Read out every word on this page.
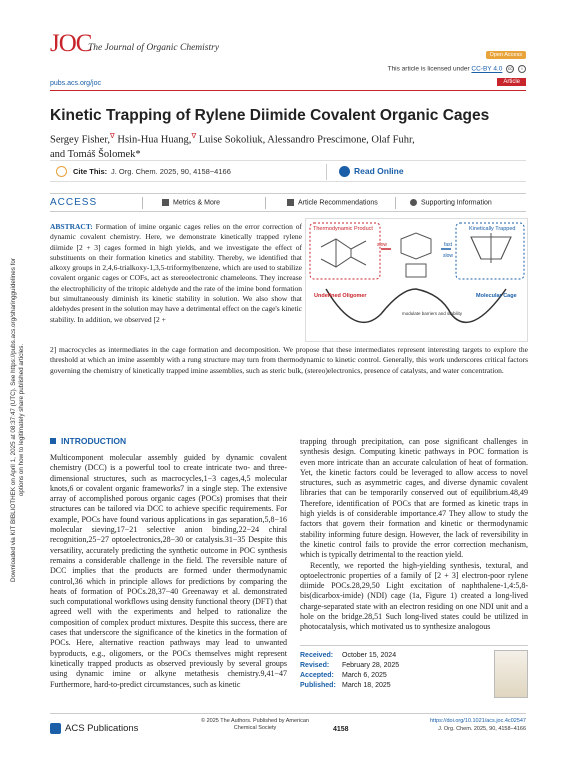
Downloaded via KIT BIBLIOTHEK on April 1, 2025 at 08:37:47 (UTC). See https://pubs.acs.org/sharingguidelines for options on how to legitimately share published articles.
JOC
The Journal of Organic Chemistry
Open Access
This article is licensed under CC-BY 4.0 cc i
pubs.acs.org/joc	Article
Kinetic Trapping of Rylene Diimide Covalent Organic Cages
Sergey Fisher,∇ Hsin-Hua Huang,∇ Luise Sokoliuk, Alessandro Prescimone, Olaf Fuhr,
and Tomáš Šolomek*
Cite This: J. Org. Chem. 2025, 90, 4158−4166	Read Online
ACCESS	Metrics & More	Article Recommendations	Supporting Information
ABSTRACT: Formation of imine organic cages relies on the error correction of dynamic covalent chemistry. Here, we demonstrate kinetically trapped rylene diimide [2 + 3] cages formed in high yields, and we investigate the effect of substituents on their formation kinetics and stability. Thereby, we identified that alkoxy groups in 2,4,6-trialkoxy-1,3,5-triformylbenzene, which are used to stabilize covalent organic cages or COFs, act as stereoelectronic chameleons. They increase the electrophilicity of the tritopic aldehyde and the rate of the imine bond formation but simultaneously diminish its kinetic stability in solution. We also show that aldehydes present in the solution may have a detrimental effect on the cage's kinetic stability. In addition, we observed [2 +
Thermodynamic Product	Kinetically Trapped
slow	fast
slow
Undefined Oligomer	Molecular Cage
modulate barriers and stability
2] macrocycles as intermediates in the cage formation and decomposition. We propose that these intermediates represent interesting targets to explore the threshold at which an imine assembly with a rung structure may turn from thermodynamic to kinetic control. Generally, this work underscores critical factors governing the chemistry of kinetically trapped imine assemblies, such as steric bulk, (stereo)electronics, presence of catalysts, and water concentration.
INTRODUCTION
Multicomponent molecular assembly guided by dynamic covalent chemistry (DCC) is a powerful tool to create intricate two- and three-dimensional structures, such as macrocycles,1−3 cages,4,5 molecular knots,6 or covalent organic frameworks7 in a single step. The extensive array of accomplished porous organic cages (POCs) promises that their structures can be tailored via DCC to achieve specific requirements. For example, POCs have found various applications in gas separation,5,8−16 molecular sieving,17−21 selective anion binding,22−24 chiral recognition,25−27 optoelectronics,28−30 or catalysis.31−35 Despite this versatility, accurately predicting the synthetic outcome in POC synthesis remains a considerable challenge in the field. The reversible nature of DCC implies that the products are formed under thermodynamic control,36 which in principle allows for predictions by comparing the heats of formation of POCs.28,37−40 Greenaway et al. demonstrated such computational workflows using density functional theory (DFT) that agreed well with the experiments and helped to rationalize the composition of complex product mixtures. Despite this success, there are cases that underscore the significance of the kinetics in the formation of POCs. Here, alternative reaction pathways may lead to unwanted byproducts, e.g., oligomers, or the POCs themselves might represent kinetically trapped products as observed previously by several groups using dynamic imine or alkyne metathesis chemistry.9,41−47 Furthermore, hard-to-predict circumstances, such as kinetic

trapping through precipitation, can pose significant challenges in synthesis design. Computing kinetic pathways in POC formation is even more intricate than an accurate calculation of heat of formation. Yet, the kinetic factors could be leveraged to allow access to novel structures, such as asymmetric cages, and diverse dynamic covalent libraries that can be temporarily conserved out of equilibrium.48,49 Therefore, identification of POCs that are formed as kinetic traps in high yields is of considerable importance.47 They allow to study the factors that govern their formation and kinetic or thermodynamic stability informing future design. However, the lack of reversibility in the kinetic control fails to provide the error correction mechanism, which is typically detrimental to the reaction yield.

Recently, we reported the high-yielding synthesis, textural, and optoelectronic properties of a family of [2 + 3] electron-poor rylene diimide POCs.28,29,50 Light excitation of naphthalene-1,4:5,8-bis(dicarbox-imide) (NDI) cage (1a, Figure 1) created a long-lived charge-separated state with an electron residing on one NDI unit and a hole on the bridge.28,51 Such long-lived states could be utilized in photocatalysis, which motivated us to synthesize analogous

Received:	October 15, 2024
Revised:	February 28, 2025
Accepted:	March 6, 2025
Published:	March 18, 2025
ACS Publications
© 2025 The Authors. Published by American Chemical Society	4158
https://doi.org/10.1021/acs.joc.4c02547
J. Org. Chem. 2025, 90, 4158−4166
